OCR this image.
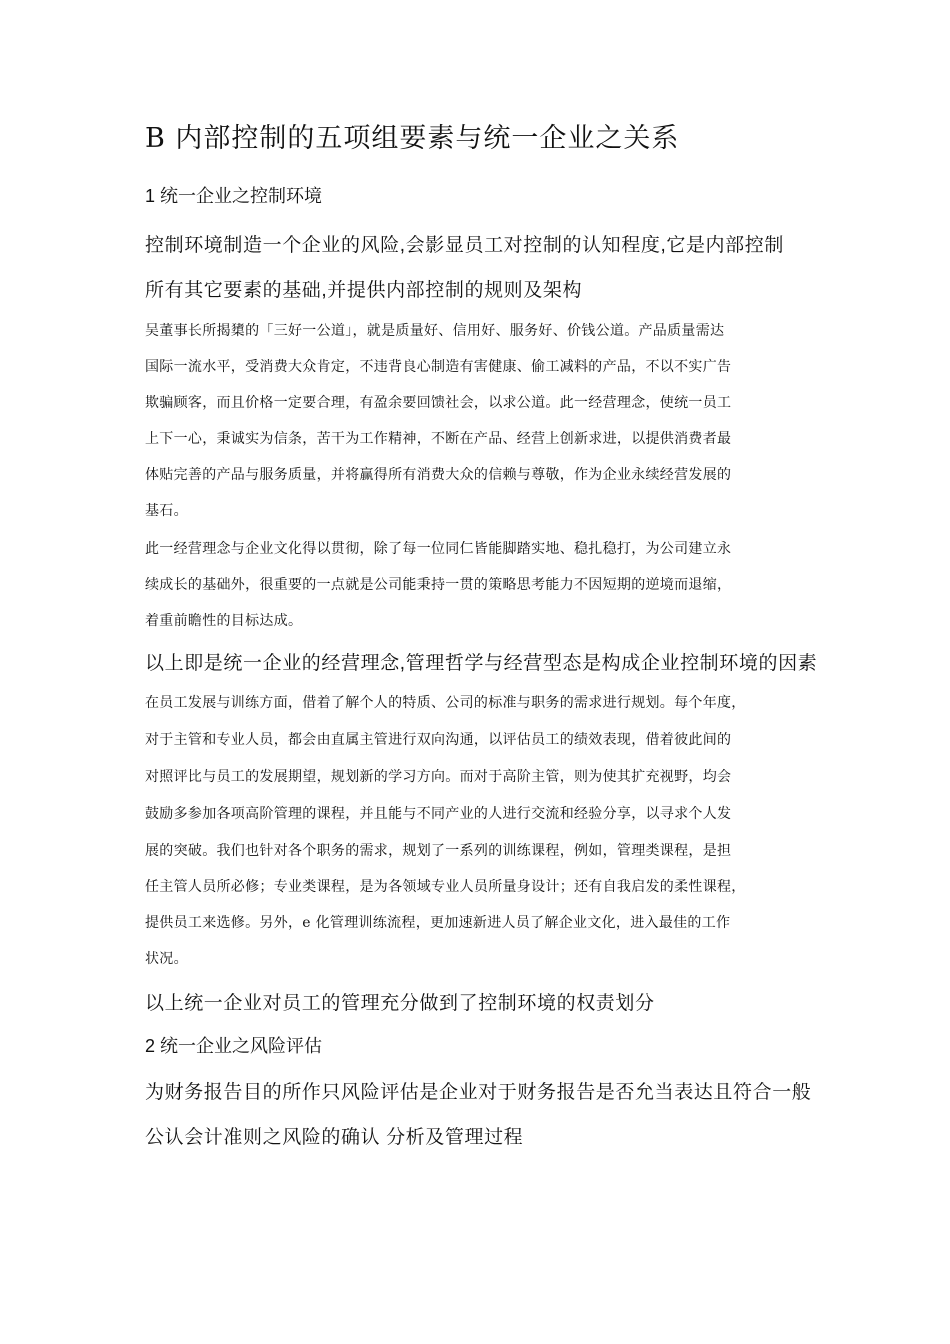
B 内部控制的五项组要素与统一企业之关系
1 统一企业之控制环境
控制环境制造一个企业的风险,会影显员工对控制的认知程度,它是内部控制
所有其它要素的基础,并提供内部控制的规则及架构
吴董事长所揭橥的「三好一公道」，就是质量好、信用好、服务好、价钱公道。产品质量需达
国际一流水平，受消费大众肯定，不违背良心制造有害健康、偷工减料的产品，不以不实广告
欺骗顾客，而且价格一定要合理，有盈余要回馈社会，以求公道。此一经营理念，使统一员工
上下一心，秉诚实为信条，苦干为工作精神，不断在产品、经营上创新求进，以提供消费者最
体贴完善的产品与服务质量，并将赢得所有消费大众的信赖与尊敬，作为企业永续经营发展的
基石。
此一经营理念与企业文化得以贯彻，除了每一位同仁皆能脚踏实地、稳扎稳打，为公司建立永
续成长的基础外，很重要的一点就是公司能秉持一贯的策略思考能力不因短期的逆境而退缩，
着重前瞻性的目标达成。
以上即是统一企业的经营理念,管理哲学与经营型态是构成企业控制环境的因素
在员工发展与训练方面，借着了解个人的特质、公司的标准与职务的需求进行规划。每个年度，
对于主管和专业人员，都会由直属主管进行双向沟通，以评估员工的绩效表现，借着彼此间的
对照评比与员工的发展期望，规划新的学习方向。而对于高阶主管，则为使其扩充视野，均会
鼓励多参加各项高阶管理的课程，并且能与不同产业的人进行交流和经验分享，以寻求个人发
展的突破。我们也针对各个职务的需求，规划了一系列的训练课程，例如，管理类课程，是担
任主管人员所必修；专业类课程，是为各领域专业人员所量身设计；还有自我启发的柔性课程，
提供员工来选修。另外，e 化管理训练流程，更加速新进人员了解企业文化，进入最佳的工作
状况。
以上统一企业对员工的管理充分做到了控制环境的权责划分
2 统一企业之风险评估
为财务报告目的所作只风险评估是企业对于财务报告是否允当表达且符合一般
公认会计准则之风险的确认 分析及管理过程
